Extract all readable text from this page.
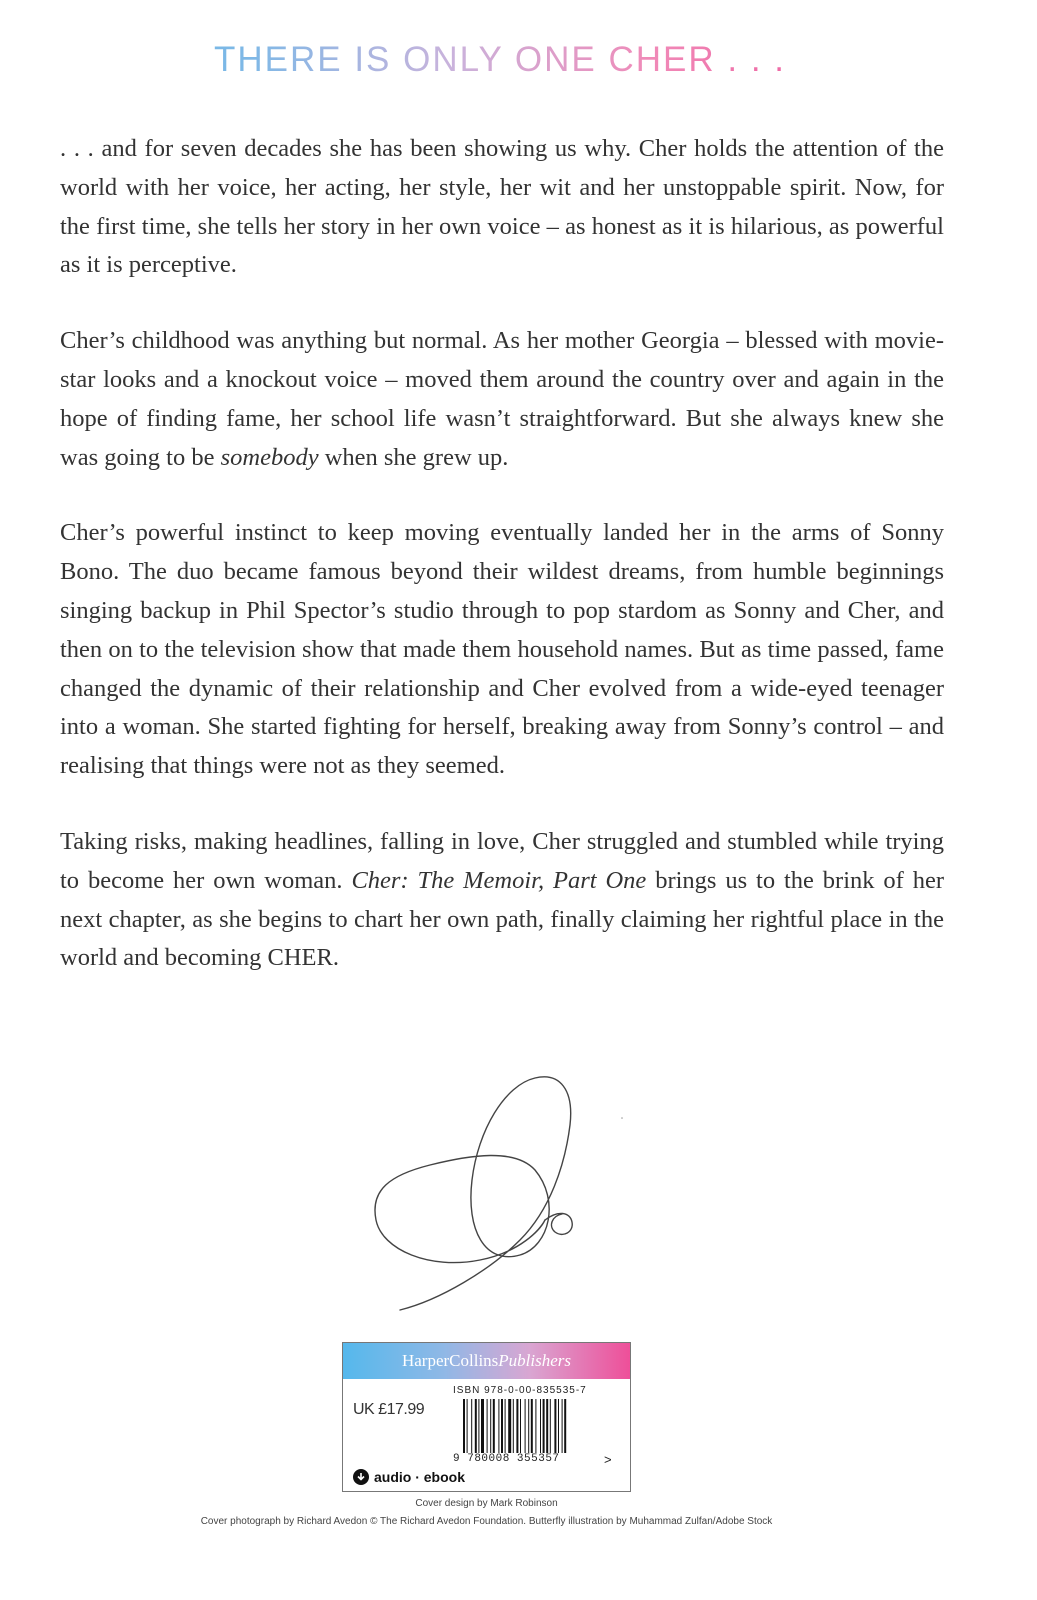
THERE IS ONLY ONE CHER . . .

. . . and for seven decades she has been showing us why. Cher holds the attention of the world with her voice, her acting, her style, her wit and her unstoppable spirit. Now, for the first time, she tells her story in her own voice – as honest as it is hilarious, as powerful as it is perceptive.

Cher’s childhood was anything but normal. As her mother Georgia – blessed with movie-star looks and a knockout voice – moved them around the country over and again in the hope of finding fame, her school life wasn’t straightforward. But she always knew she was going to be somebody when she grew up.

Cher’s powerful instinct to keep moving eventually landed her in the arms of Sonny Bono. The duo became famous beyond their wildest dreams, from humble beginnings singing backup in Phil Spector’s studio through to pop stardom as Sonny and Cher, and then on to the television show that made them household names. But as time passed, fame changed the dynamic of their relationship and Cher evolved from a wide-eyed teenager into a woman. She started fighting for herself, breaking away from Sonny’s control – and realising that things were not as they seemed.

Taking risks, making headlines, falling in love, Cher struggled and stumbled while trying to become her own woman. Cher: The Memoir, Part One brings us to the brink of her next chapter, as she begins to chart her own path, finally claiming her rightful place in the world and becoming CHER.

HarperCollins Publishers
UK £17.99
ISBN 978-0-00-835535-7
9 780008 355357	>
audio · ebook
Cover design by Mark Robinson
Cover photograph by Richard Avedon © The Richard Avedon Foundation. Butterfly illustration by Muhammad Zulfan/Adobe Stock
